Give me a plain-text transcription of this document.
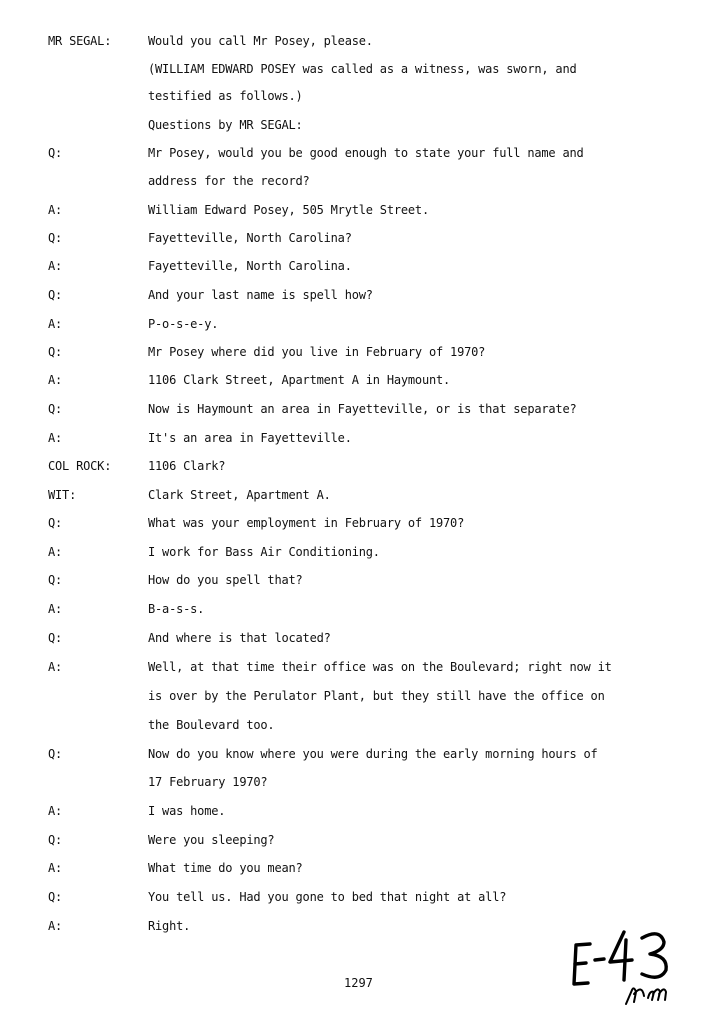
MR SEGAL:	Would you call Mr Posey, please.
(WILLIAM EDWARD POSEY was called as a witness, was sworn, and
testified as follows.)
Questions by MR SEGAL:
Q:	Mr Posey, would you be good enough to state your full name and
address for the record?
A:	William Edward Posey, 505 Mrytle Street.
Q:	Fayetteville, North Carolina?
A:	Fayetteville, North Carolina.
Q:	And your last name is spell how?
A:	P-o-s-e-y.
Q:	Mr Posey where did you live in February of 1970?
A:	1106 Clark Street, Apartment A in Haymount.
Q:	Now is Haymount an area in Fayetteville, or is that separate?
A:	It's an area in Fayetteville.
COL ROCK:	1106 Clark?
WIT:	Clark Street, Apartment A.
Q:	What was your employment in February of 1970?
A:	I work for Bass Air Conditioning.
Q:	How do you spell that?
A:	B-a-s-s.
Q:	And where is that located?
A:	Well, at that time their office was on the Boulevard; right now it
is over by the Perulator Plant, but they still have the office on
the Boulevard too.
Q:	Now do you know where you were during the early morning hours of
17 February 1970?
A:	I was home.
Q:	Were you sleeping?
A:	What time do you mean?
Q:	You tell us. Had you gone to bed that night at all?
A:	Right.
1297
